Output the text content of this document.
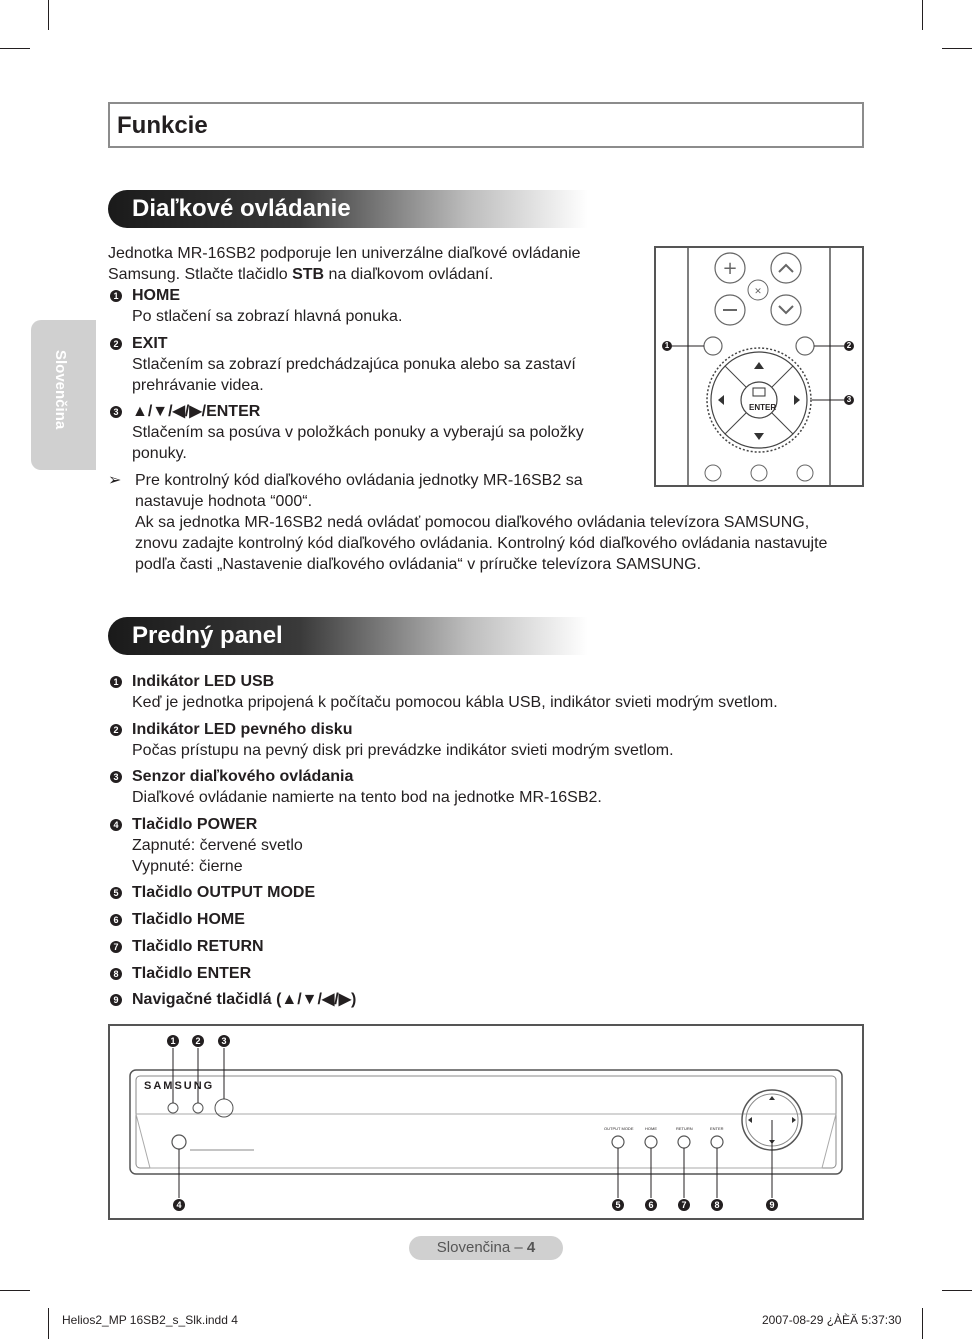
Funkcie
Slovenčina
Diaľkové ovládanie
Jednotka MR-16SB2 podporuje len univerzálne diaľkové ovládanie
Samsung. Stlačte tlačidlo STB na diaľkovom ovládaní.
1 HOME
Po stlačení sa zobrazí hlavná ponuka.
2 EXIT
Stlačením sa zobrazí predchádzajúca ponuka alebo sa zastaví
prehrávanie videa.
3 ▲/▼/◀/▶/ENTER
Stlačením sa posúva v položkách ponuky a vyberajú sa položky
ponuky.
➢ Pre kontrolný kód diaľkového ovládania jednotky MR-16SB2 sa
nastavuje hodnota “000“.
Ak sa jednotka MR-16SB2 nedá ovládať pomocou diaľkového ovládania televízora SAMSUNG,
znovu zadajte kontrolný kód diaľkového ovládania. Kontrolný kód diaľkového ovládania nastavujte
podľa časti „Nastavenie diaľkového ovládania“ v príručke televízora SAMSUNG.
+
✕
ENTER
1	2
3
Predný panel
1 Indikátor LED USB
Keď je jednotka pripojená k počítaču pomocou kábla USB, indikátor svieti modrým svetlom.
2 Indikátor LED pevného disku
Počas prístupu na pevný disk pri prevádzke indikátor svieti modrým svetlom.
3 Senzor diaľkového ovládania
Diaľkové ovládanie namierte na tento bod na jednotke MR-16SB2.
4 Tlačidlo POWER
Zapnuté: červené svetlo
Vypnuté: čierne
5 Tlačidlo OUTPUT MODE
6 Tlačidlo HOME
7 Tlačidlo RETURN
8 Tlačidlo ENTER
9 Navigačné tlačidlá (▲/▼/◀/▶)
SAMSUNG
OUTPUT MODE	HOME	RETURN	ENTER
1	2	3
4	5	6	7	8	9
Slovenčina – 4
Helios2_MP 16SB2_s_Slk.indd 4	2007-08-29 ¿ÀÈÄ 5:37:30
